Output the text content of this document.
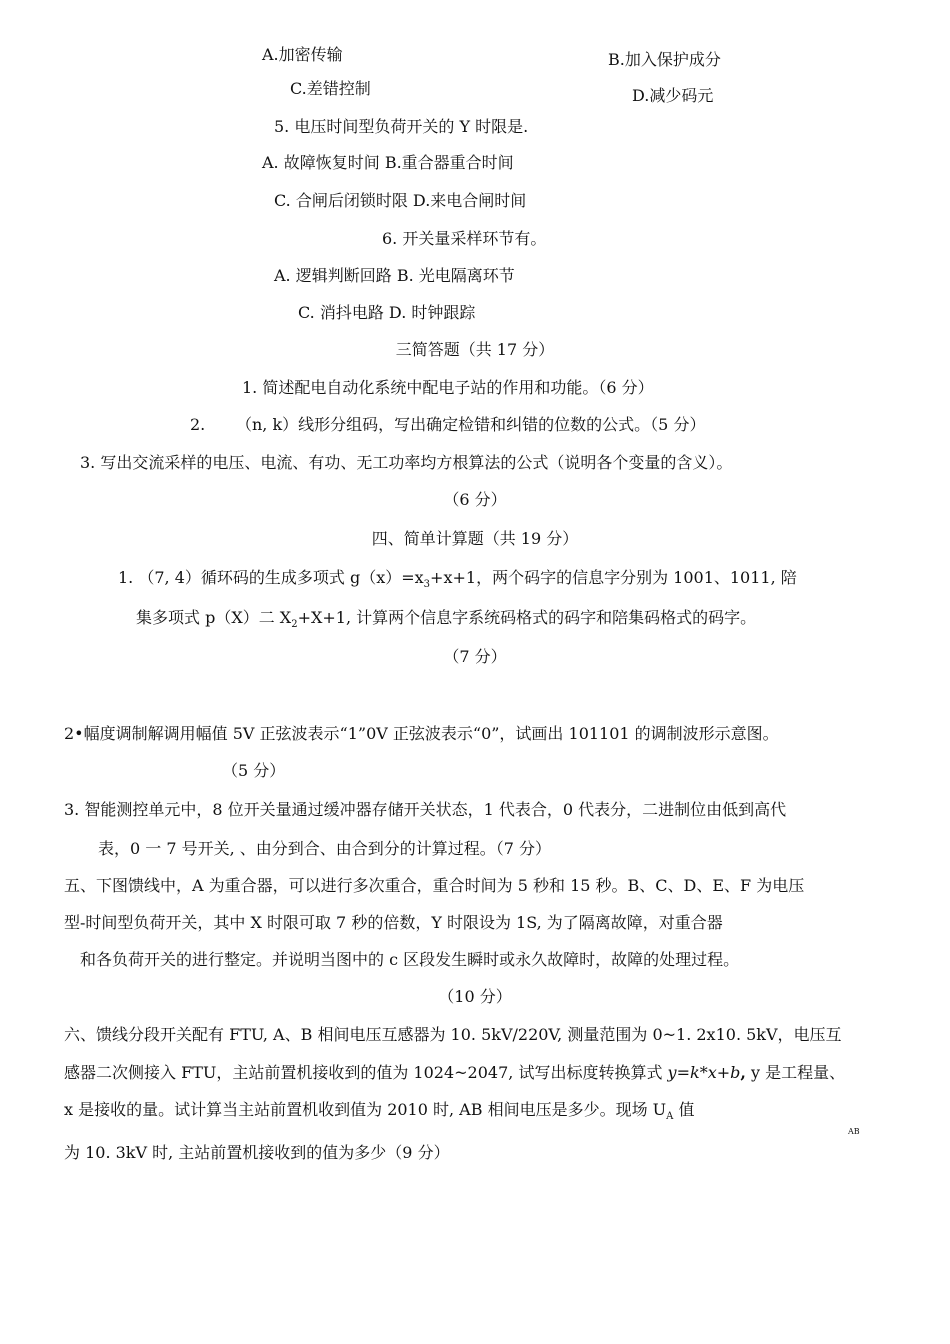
A.加密传输	B.加入保护成分
C.差错控制	D.减少码元
5. 电压时间型负荷开关的 Y 时限是.
A. 故障恢复时间 B.重合器重合时间
C. 合闸后闭锁时限 D.来电合闸时间
6. 开关量采样环节有。
A. 逻辑判断回路 B. 光电隔离环节
C. 消抖电路 D. 时钟跟踪
三简答题（共 17 分）
1. 简述配电自动化系统中配电子站的作用和功能。（6 分）
2. （n, k）线形分组码，写出确定检错和纠错的位数的公式。（5 分）
3. 写出交流采样的电压、电流、有功、无工功率均方根算法的公式（说明各个变量的含义）。
（6 分）
四、简单计算题（共 19 分）
1. （7, 4）循环码的生成多项式 $g(x)=x_3+x+1$，两个码字的信息字分别为 1001、1011, 陪
集多项式 p（X）二 $X_2+X+1$, 计算两个信息字系统码格式的码字和陪集码格式的码字。
（7 分）
2•幅度调制解调用幅值 5V 正弦波表示“1”0V 正弦波表示“0”，试画出 101101 的调制波形示意图。
（5 分）
3. 智能测控单元中，8 位开关量通过缓冲器存储开关状态，1 代表合，0 代表分，二进制位由低到高代
表，0 一 7 号开关, 、由分到合、由合到分的计算过程。（7 分）
五、下图馈线中，A 为重合器，可以进行多次重合，重合时间为 5 秒和 15 秒。B、C、D、E、F 为电压
型-时间型负荷开关，其中 X 时限可取 7 秒的倍数，Y 时限设为 1S, 为了隔离故障，对重合器
和各负荷开关的进行整定。并说明当图中的 c 区段发生瞬时或永久故障时，故障的处理过程。
（10 分）
六、馈线分段开关配有 FTU, A、B 相间电压互感器为 10. 5kV/220V, 测量范围为 0~1. 2x10. 5kV，电压互
感器二次侧接入 FTU，主站前置机接收到的值为 1024~2047, 试写出标度转换算式 y=k*x+b, y 是工程量、
x 是接收的量。试计算当主站前置机收到值为 2010 时, AB 相间电压是多少。现场 $U_A$ 值
AB
为 10. 3kV 时, 主站前置机接收到的值为多少（9 分）
